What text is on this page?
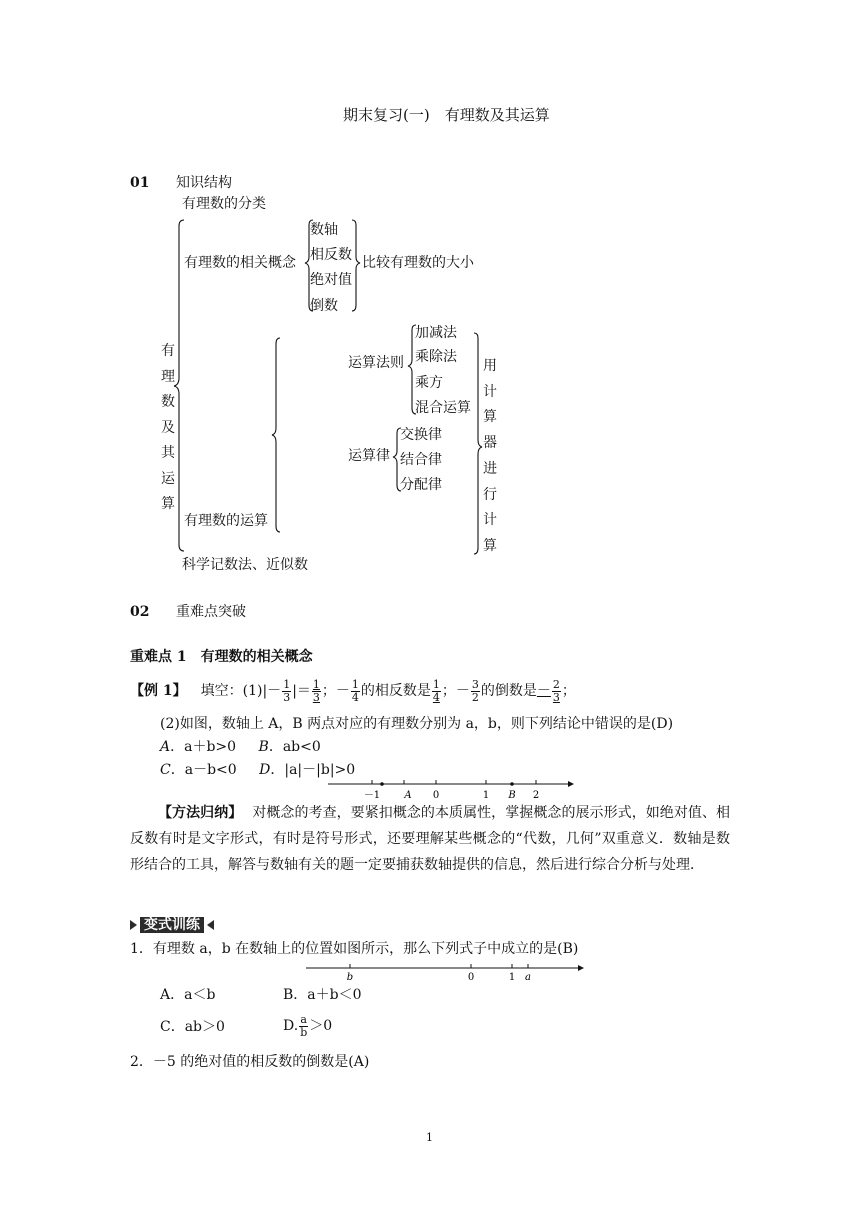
期末复习(一)　有理数及其运算
01 知识结构
有
理
数
及
其
运
算
有理数的分类
有理数的相关概念
数轴
相反数
绝对值
倒数
比较有理数的大小
运算法则
加减法
乘除法
乘方
混合运算
运算律
交换律
结合律
分配律
用
计
算
器
进
行
计
算
有理数的运算
科学记数法、近似数
02 重难点突破
重难点 1　有理数的相关概念
【例 1】 填空：$(1)|- \frac{1}{3}$ |＝ $\frac{1}{3}$ ；－ $\frac{1}{4}$ 的相反数是 $\frac{1}{4}$ ；－ $\frac{3}{2}$ 的倒数是 － $\frac{2}{3}$ ；
(2)如图，数轴上 A，B 两点对应的有理数分别为 a，b，则下列结论中错误的是(D)
A．a＋b>0 B．ab<0
C．a－b<0 D．|a|－|b|>0
－1 A 0	1 B 2
【方法归纳】 对概念的考查，要紧扣概念的本质属性，掌握概念的展示形式，如绝对值、相反数有时是文字形式，有时是符号形式，还要理解某些概念的“代数，几何”双重意义．数轴是数形结合的工具，解答与数轴有关的题一定要捕获数轴提供的信息，然后进行综合分析与处理．
变式训练
1．有理数 a，b 在数轴上的位置如图所示，那么下列式子中成立的是(B)
b	0	1 a
A．a＜b	B．a＋b＜0
C．ab＞0	D. $\frac{a}{b} >0$
2．－5 的绝对值的相反数的倒数是(A)
1
